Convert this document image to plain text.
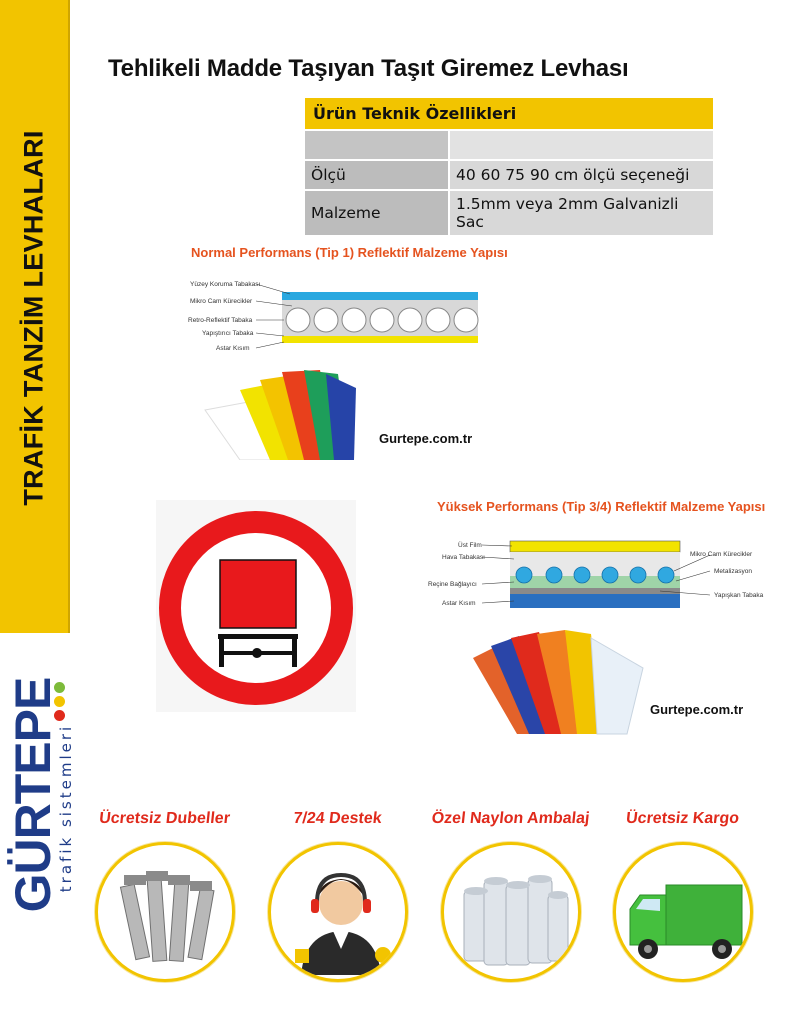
TRAFİK TANZİM LEVHALARI
GÜRTEPE
trafik sistemleri
Tehlikeli Madde Taşıyan Taşıt Giremez Levhası
Ürün Teknik Özellikleri	

Ölçü	40 60 75 90 cm ölçü seçeneği
Malzeme	1.5mm veya 2mm Galvanizli Sac
Normal Performans (Tip 1) Reflektif Malzeme Yapısı
Yüzey Koruma Tabakası
Mikro Cam Kürecikler
Retro-Reflektif Tabaka
Yapıştırıcı Tabaka
Astar Kısım
Gurtepe.com.tr
Yüksek Performans (Tip 3/4) Reflektif Malzeme Yapısı
Üst Film
Hava Tabakası
Reçine Bağlayıcı
Astar Kısım
Mikro Cam Kürecikler
Metalizasyon
Yapışkan Tabaka
Gurtepe.com.tr
Ücretsiz Dubeller	7/24 Destek	Özel Naylon Ambalaj	Ücretsiz Kargo
